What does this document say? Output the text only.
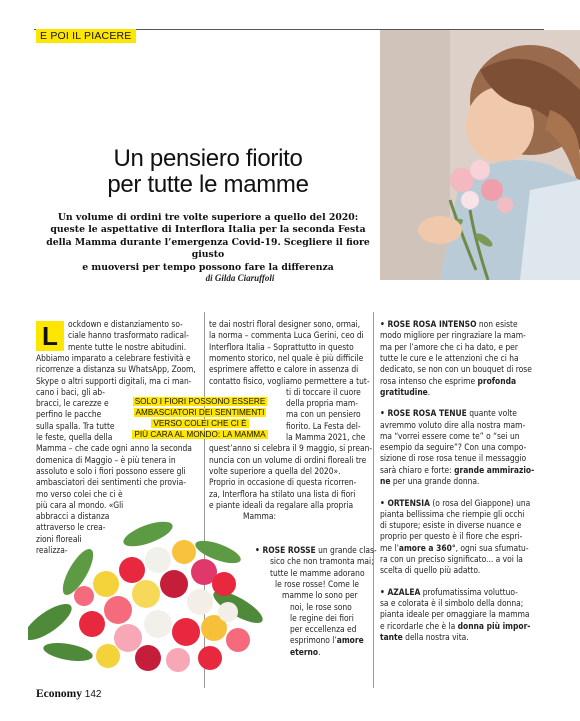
E POI IL PIACERE
Un pensiero fiorito
per tutte le mamme
Un volume di ordini tre volte superiore a quello del 2020:
queste le aspettative di Interflora Italia per la seconda Festa
della Mamma durante l’emergenza Covid-19. Scegliere il fiore giusto
e muoversi per tempo possono fare la differenza
di Gilda Ciaruffoli
L
SOLO I FIORI POSSONO ESSERE
AMBASCIATORI DEI SENTIMENTI
VERSO COLEI CHE CI È
PIÙ CARA AL MONDO: LA MAMMA
Economy 142
ockdown e distanziamento so-
ciale hanno trasformato radical-
mente tutte le nostre abitudini.
Abbiamo imparato a celebrare festività e
ricorrenze a distanza su WhatsApp, Zoom,
Skype o altri supporti digitali, ma ci man-
cano i baci, gli ab-
bracci, le carezze e
perfino le pacche
sulla spalla. Tra tutte
le feste, quella della
Mamma – che cade ogni anno la seconda
domenica di Maggio – è più tenera in
assoluto e solo i fiori possono essere gli
ambasciatori dei sentimenti che provia-
mo verso colei che ci è
più cara al mondo. «Gli
abbracci a distanza
attraverso le crea-
zioni floreali
realizza-
te dai nostri floral designer sono, ormai,
la norma – commenta Luca Gerini, ceo di
Interflora Italia – Soprattutto in questo
momento storico, nel quale è più difficile
esprimere affetto e calore in assenza di
contatto fisico, vogliamo permettere a tut-
ti di toccare il cuore
della propria mam-
ma con un pensiero
fiorito. La Festa del-
la Mamma 2021, che
quest’anno si celebra il 9 maggio, si prean-
nuncia con un volume di ordini floreali tre
volte superiore a quella del 2020».
Proprio in occasione di questa ricorren-
za, Interflora ha stilato una lista di fiori
e piante ideali da regalare alla propria
Mamma:
• ROSE ROSSE un grande clas-
sico che non tramonta mai;
tutte le mamme adorano
le rose rosse! Come le
mamme lo sono per
noi, le rose sono
le regine dei fiori
per eccellenza ed
esprimono l’amore
eterno.
• ROSE ROSA INTENSO non esiste
modo migliore per ringraziare la mam-
ma per l’amore che ci ha dato, e per
tutte le cure e le attenzioni che ci ha
dedicato, se non con un bouquet di rose
rosa intenso che esprime profonda
gratitudine.
• ROSE ROSA TENUE quante volte
avremmo voluto dire alla nostra mam-
ma “vorrei essere come te” o “sei un
esempio da seguire”? Con una compo-
sizione di rose rosa tenue il messaggio
sarà chiaro e forte: grande ammirazio-
ne per una grande donna.
• ORTENSIA (o rosa del Giappone) una
pianta bellissima che riempie gli occhi
di stupore; esiste in diverse nuance e
proprio per questo è il fiore che espri-
me l’amore a 360°, ogni sua sfumatu-
ra con un preciso significato... a voi la
scelta di quello più adatto.
• AZALEA profumatissima voluttuo-
sa e colorata è il simbolo della donna;
pianta ideale per omaggiare la mamma
e ricordarle che è la donna più impor-
tante della nostra vita.
